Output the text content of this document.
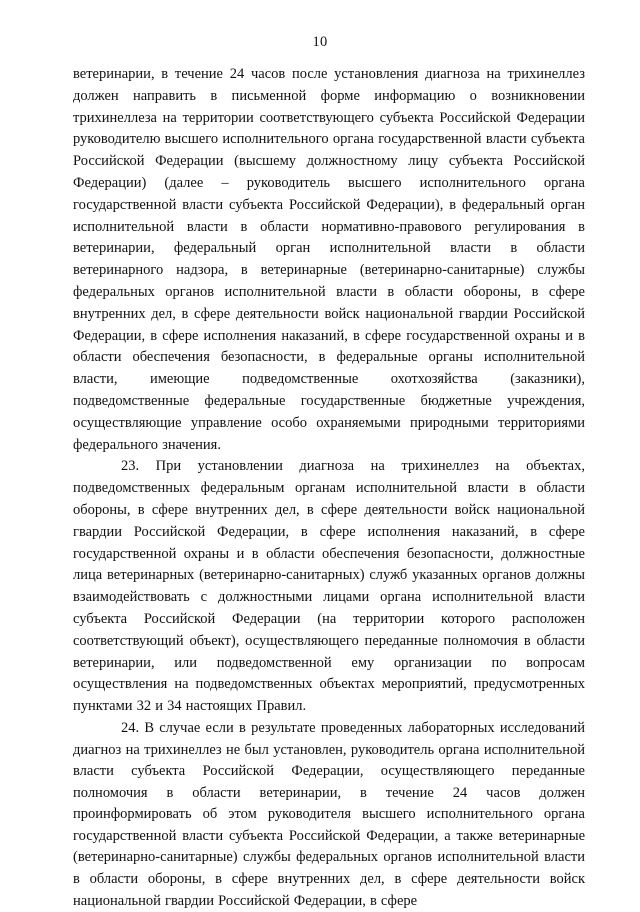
10

ветеринарии, в течение 24 часов после установления диагноза на трихинеллез должен направить в письменной форме информацию о возникновении трихинеллеза на территории соответствующего субъекта Российской Федерации руководителю высшего исполнительного органа государственной власти субъекта Российской Федерации (высшему должностному лицу субъекта Российской Федерации) (далее – руководитель высшего исполнительного органа государственной власти субъекта Российской Федерации), в федеральный орган исполнительной власти в области нормативно-правового регулирования в ветеринарии, федеральный орган исполнительной власти в области ветеринарного надзора, в ветеринарные (ветеринарно-санитарные) службы федеральных органов исполнительной власти в области обороны, в сфере внутренних дел, в сфере деятельности войск национальной гвардии Российской Федерации, в сфере исполнения наказаний, в сфере государственной охраны и в области обеспечения безопасности, в федеральные органы исполнительной власти, имеющие подведомственные охотхозяйства (заказники), подведомственные федеральные государственные бюджетные учреждения, осуществляющие управление особо охраняемыми природными территориями федерального значения.

23. При установлении диагноза на трихинеллез на объектах, подведомственных федеральным органам исполнительной власти в области обороны, в сфере внутренних дел, в сфере деятельности войск национальной гвардии Российской Федерации, в сфере исполнения наказаний, в сфере государственной охраны и в области обеспечения безопасности, должностные лица ветеринарных (ветеринарно-санитарных) служб указанных органов должны взаимодействовать с должностными лицами органа исполнительной власти субъекта Российской Федерации (на территории которого расположен соответствующий объект), осуществляющего переданные полномочия в области ветеринарии, или подведомственной ему организации по вопросам осуществления на подведомственных объектах мероприятий, предусмотренных пунктами 32 и 34 настоящих Правил.

24. В случае если в результате проведенных лабораторных исследований диагноз на трихинеллез не был установлен, руководитель органа исполнительной власти субъекта Российской Федерации, осуществляющего переданные полномочия в области ветеринарии, в течение 24 часов должен проинформировать об этом руководителя высшего исполнительного органа государственной власти субъекта Российской Федерации, а также ветеринарные (ветеринарно-санитарные) службы федеральных органов исполнительной власти в области обороны, в сфере внутренних дел, в сфере деятельности войск национальной гвардии Российской Федерации, в сфере
